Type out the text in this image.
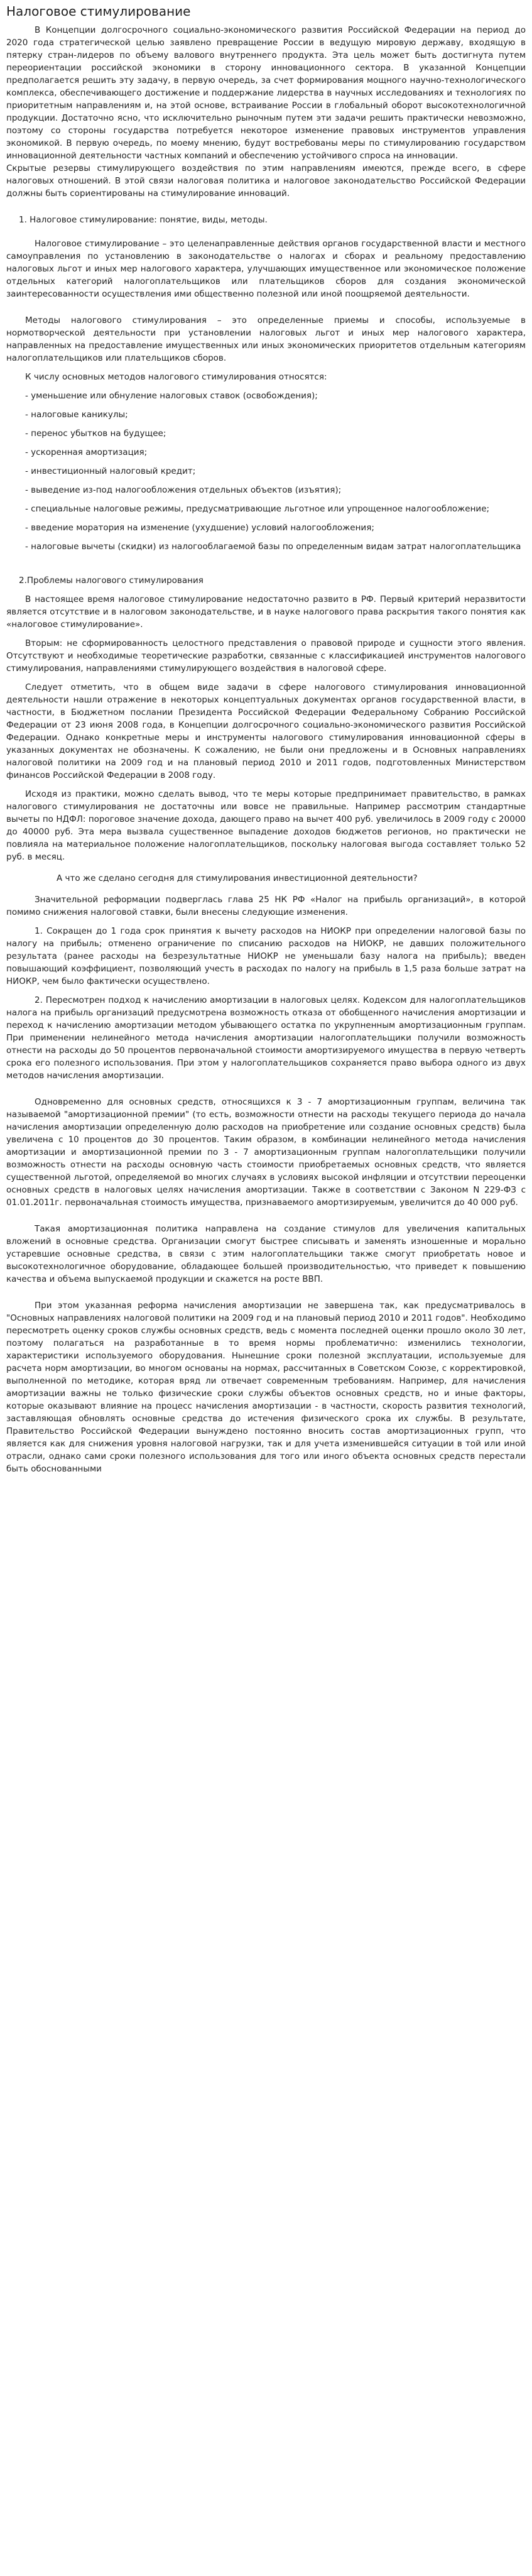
Налоговое стимулирование

В Концепции долгосрочного социально-экономического развития Российской Федерации на период до 2020 года стратегической целью заявлено превращение России в ведущую мировую державу, входящую в пятерку стран-лидеров по объему валового внутреннего продукта. Эта цель может быть достигнута путем переориентации российской экономики в сторону инновационного сектора. В указанной Концепции предполагается решить эту задачу, в первую очередь, за счет формирования мощного научно-технологического комплекса, обеспечивающего достижение и поддержание лидерства в научных исследованиях и технологиях по приоритетным направлениям и, на этой основе, встраивание России в глобальный оборот высокотехнологичной продукции. Достаточно ясно, что исключительно рыночным путем эти задачи решить практически невозможно, поэтому со стороны государства потребуется некоторое изменение правовых инструментов управления экономикой. В первую очередь, по моему мнению, будут востребованы меры по стимулированию государством инновационной деятельности частных компаний и обеспечению устойчивого спроса на инновации.

Скрытые резервы стимулирующего воздействия по этим направлениям имеются, прежде всего, в сфере налоговых отношений. В этой связи налоговая политика и налоговое законодательство Российской Федерации должны быть сориентированы на стимулирование инноваций.

1. Налоговое стимулирование: понятие, виды, методы.

Налоговое стимулирование – это целенаправленные действия органов государственной власти и местного самоуправления по установлению в законодательстве о налогах и сборах и реальному предоставлению налоговых льгот и иных мер налогового характера, улучшающих имущественное или экономическое положение отдельных категорий налогоплательщиков или плательщиков сборов для создания экономической заинтересованности осуществления ими общественно полезной или иной поощряемой деятельности.

Методы налогового стимулирования – это определенные приемы и способы, используемые в нормотворческой деятельности при установлении налоговых льгот и иных мер налогового характера, направленных на предоставление имущественных или иных экономических приоритетов отдельным категориям налогоплательщиков или плательщиков сборов.

К числу основных методов налогового стимулирования относятся:

- уменьшение или обнуление налоговых ставок (освобождения);

- налоговые каникулы;

- перенос убытков на будущее;

- ускоренная амортизация;

- инвестиционный налоговый кредит;

- выведение из-под налогообложения отдельных объектов (изъятия);

- специальные налоговые режимы, предусматривающие льготное или упрощенное налогообложение;

- введение моратория на изменение (ухудшение) условий налогообложения;

- налоговые вычеты (скидки) из налогооблагаемой базы по определенным видам затрат налогоплательщика

2.Проблемы налогового стимулирования

В настоящее время налоговое стимулирование недостаточно развито в РФ. Первый критерий неразвитости является отсутствие и в налоговом законодательстве, и в науке налогового права раскрытия такого понятия как «налоговое стимулирование».

Вторым: не сформированность целостного представления о правовой природе и сущности этого явления. Отсутствуют и необходимые теоретические разработки, связанные с классификацией инструментов налогового стимулирования, направлениями стимулирующего воздействия в налоговой сфере.

Следует отметить, что в общем виде задачи в сфере налогового стимулирования инновационной деятельности нашли отражение в некоторых концептуальных документах органов государственной власти, в частности, в Бюджетном послании Президента Российской Федерации Федеральному Собранию Российской Федерации от 23 июня 2008 года, в Концепции долгосрочного социально-экономического развития Российской Федерации. Однако конкретные меры и инструменты налогового стимулирования инновационной сферы в указанных документах не обозначены. К сожалению, не были они предложены и в Основных направлениях налоговой политики на 2009 год и на плановый период 2010 и 2011 годов, подготовленных Министерством финансов Российской Федерации в 2008 году.

Исходя из практики, можно сделать вывод, что те меры которые предпринимает правительство, в рамках налогового стимулирования не достаточны или вовсе не правильные. Например рассмотрим стандартные вычеты по НДФЛ: пороговое значение дохода, дающего право на вычет 400 руб. увеличилось в 2009 году с 20000 до 40000 руб. Эта мера вызвала существенное выпадение доходов бюджетов регионов, но практически не повлияла на материальное положение налогоплательщиков, поскольку налоговая выгода составляет только 52 руб. в месяц.

А что же сделано сегодня для стимулирования инвестиционной деятельности?

Значительной реформации подверглась глава 25 НК РФ «Налог на прибыль организаций», в которой помимо снижения налоговой ставки, были внесены следующие изменения.

1. Сокращен до 1 года срок принятия к вычету расходов на НИОКР при определении налоговой базы по налогу на прибыль; отменено ограничение по списанию расходов на НИОКР, не давших положительного результата (ранее расходы на безрезультатные НИОКР не уменьшали базу налога на прибыль); введен повышающий коэффициент, позволяющий учесть в расходах по налогу на прибыль в 1,5 раза больше затрат на НИОКР, чем было фактически осуществлено.

2. Пересмотрен подход к начислению амортизации в налоговых целях. Кодексом для налогоплательщиков налога на прибыль организаций предусмотрена возможность отказа от обобщенного начисления амортизации и переход к начислению амортизации методом убывающего остатка по укрупненным амортизационным группам. При применении нелинейного метода начисления амортизации налогоплательщики получили возможность отнести на расходы до 50 процентов первоначальной стоимости амортизируемого имущества в первую четверть срока его полезного использования. При этом у налогоплательщиков сохраняется право выбора одного из двух методов начисления амортизации.

Одновременно для основных средств, относящихся к 3 - 7 амортизационным группам, величина так называемой "амортизационной премии" (то есть, возможности отнести на расходы текущего периода до начала начисления амортизации определенную долю расходов на приобретение или создание основных средств) была увеличена с 10 процентов до 30 процентов. Таким образом, в комбинации нелинейного метода начисления амортизации и амортизационной премии по 3 - 7 амортизационным группам налогоплательщики получили возможность отнести на расходы основную часть стоимости приобретаемых основных средств, что является существенной льготой, определяемой во многих случаях в условиях высокой инфляции и отсутствии переоценки основных средств в налоговых целях начисления амортизации. Также в соответствии с Законом N 229-ФЗ с 01.01.2011г. первоначальная стоимость имущества, признаваемого амортизируемым, увеличится до 40 000 руб.

Такая амортизационная политика направлена на создание стимулов для увеличения капитальных вложений в основные средства. Организации смогут быстрее списывать и заменять изношенные и морально устаревшие основные средства, в связи с этим налогоплательщики также смогут приобретать новое и высокотехнологичное оборудование, обладающее большей производительностью, что приведет к повышению качества и объема выпускаемой продукции и скажется на росте ВВП.

При этом указанная реформа начисления амортизации не завершена так, как предусматривалось в "Основных направлениях налоговой политики на 2009 год и на плановый период 2010 и 2011 годов". Необходимо пересмотреть оценку сроков службы основных средств, ведь с момента последней оценки прошло около 30 лет, поэтому полагаться на разработанные в то время нормы проблематично: изменились технологии, характеристики используемого оборудования. Нынешние сроки полезной эксплуатации, используемые для расчета норм амортизации, во многом основаны на нормах, рассчитанных в Советском Союзе, с корректировкой, выполненной по методике, которая вряд ли отвечает современным требованиям. Например, для начисления амортизации важны не только физические сроки службы объектов основных средств, но и иные факторы, которые оказывают влияние на процесс начисления амортизации - в частности, скорость развития технологий, заставляющая обновлять основные средства до истечения физического срока их службы. В результате, Правительство Российской Федерации вынуждено постоянно вносить состав амортизационных групп, что является как для снижения уровня налоговой нагрузки, так и для учета изменившейся ситуации в той или иной отрасли, однако сами сроки полезного использования для того или иного объекта основных средств перестали быть обоснованными
